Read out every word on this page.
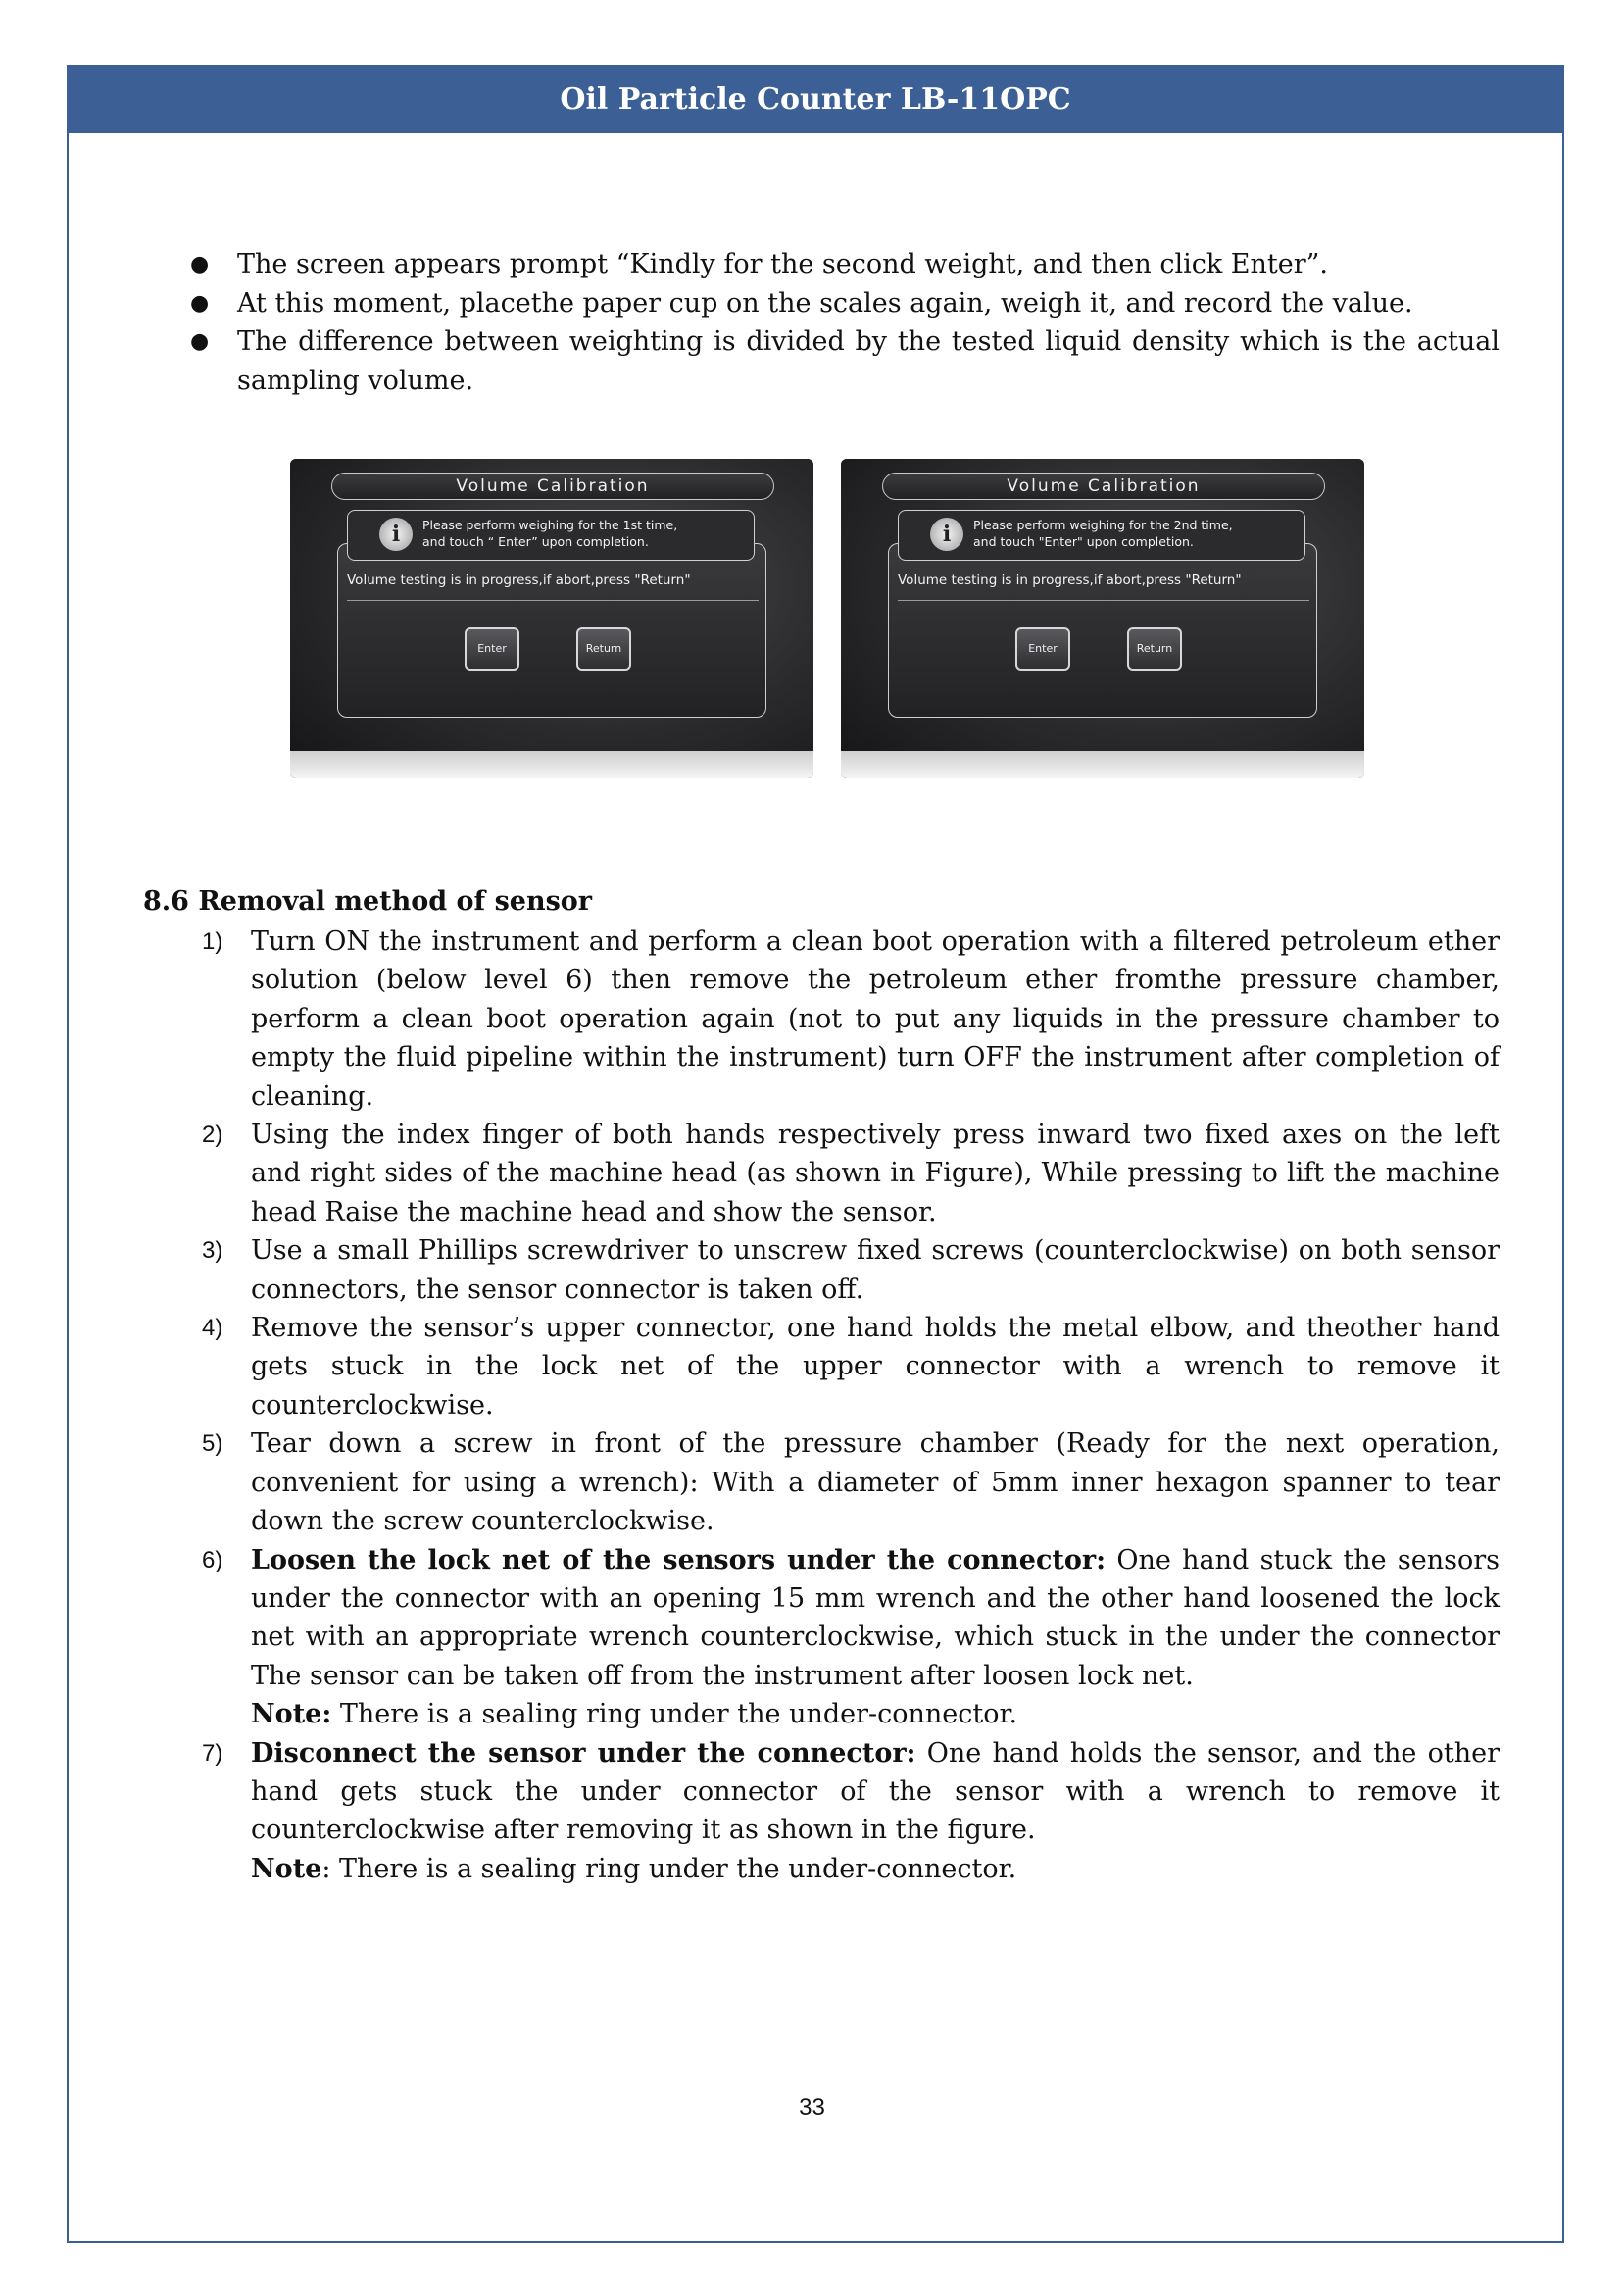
Oil Particle Counter LB-11OPC
● The screen appears prompt “Kindly for the second weight, and then click Enter”.
● At this moment, placethe paper cup on the scales again, weigh it, and record the value.
● The difference between weighting is divided by the tested liquid density which is the actual sampling volume.
Volume Calibration
i	Please perform weighing for the 1st time,
and touch “ Enter” upon completion.
Volume testing is in progress,if abort,press "Return"
Enter	Return
Volume Calibration
i	Please perform weighing for the 2nd time,
and touch "Enter" upon completion.
Volume testing is in progress,if abort,press "Return"
Enter	Return
8.6 Removal method of sensor
1) Turn ON the instrument and perform a clean boot operation with a filtered petroleum ether solution (below level 6) then remove the petroleum ether fromthe pressure chamber, perform a clean boot operation again (not to put any liquids in the pressure chamber to empty the fluid pipeline within the instrument) turn OFF the instrument after completion of cleaning.
2) Using the index finger of both hands respectively press inward two fixed axes on the left and right sides of the machine head (as shown in Figure), While pressing to lift the machine head Raise the machine head and show the sensor.
3) Use a small Phillips screwdriver to unscrew fixed screws (counterclockwise) on both sensor connectors, the sensor connector is taken off.
4) Remove the sensor’s upper connector, one hand holds the metal elbow, and theother hand gets stuck in the lock net of the upper connector with a wrench to remove it counterclockwise.
5) Tear down a screw in front of the pressure chamber (Ready for the next operation, convenient for using a wrench): With a diameter of 5mm inner hexagon spanner to tear down the screw counterclockwise.
6) Loosen the lock net of the sensors under the connector: One hand stuck the sensors under the connector with an opening 15 mm wrench and the other hand loosened the lock net with an appropriate wrench counterclockwise, which stuck in the under the connector The sensor can be taken off from the instrument after loosen lock net.
Note: There is a sealing ring under the under-connector.
7) Disconnect the sensor under the connector: One hand holds the sensor, and the other hand gets stuck the under connector of the sensor with a wrench to remove it counterclockwise after removing it as shown in the figure.
Note: There is a sealing ring under the under-connector.
33
